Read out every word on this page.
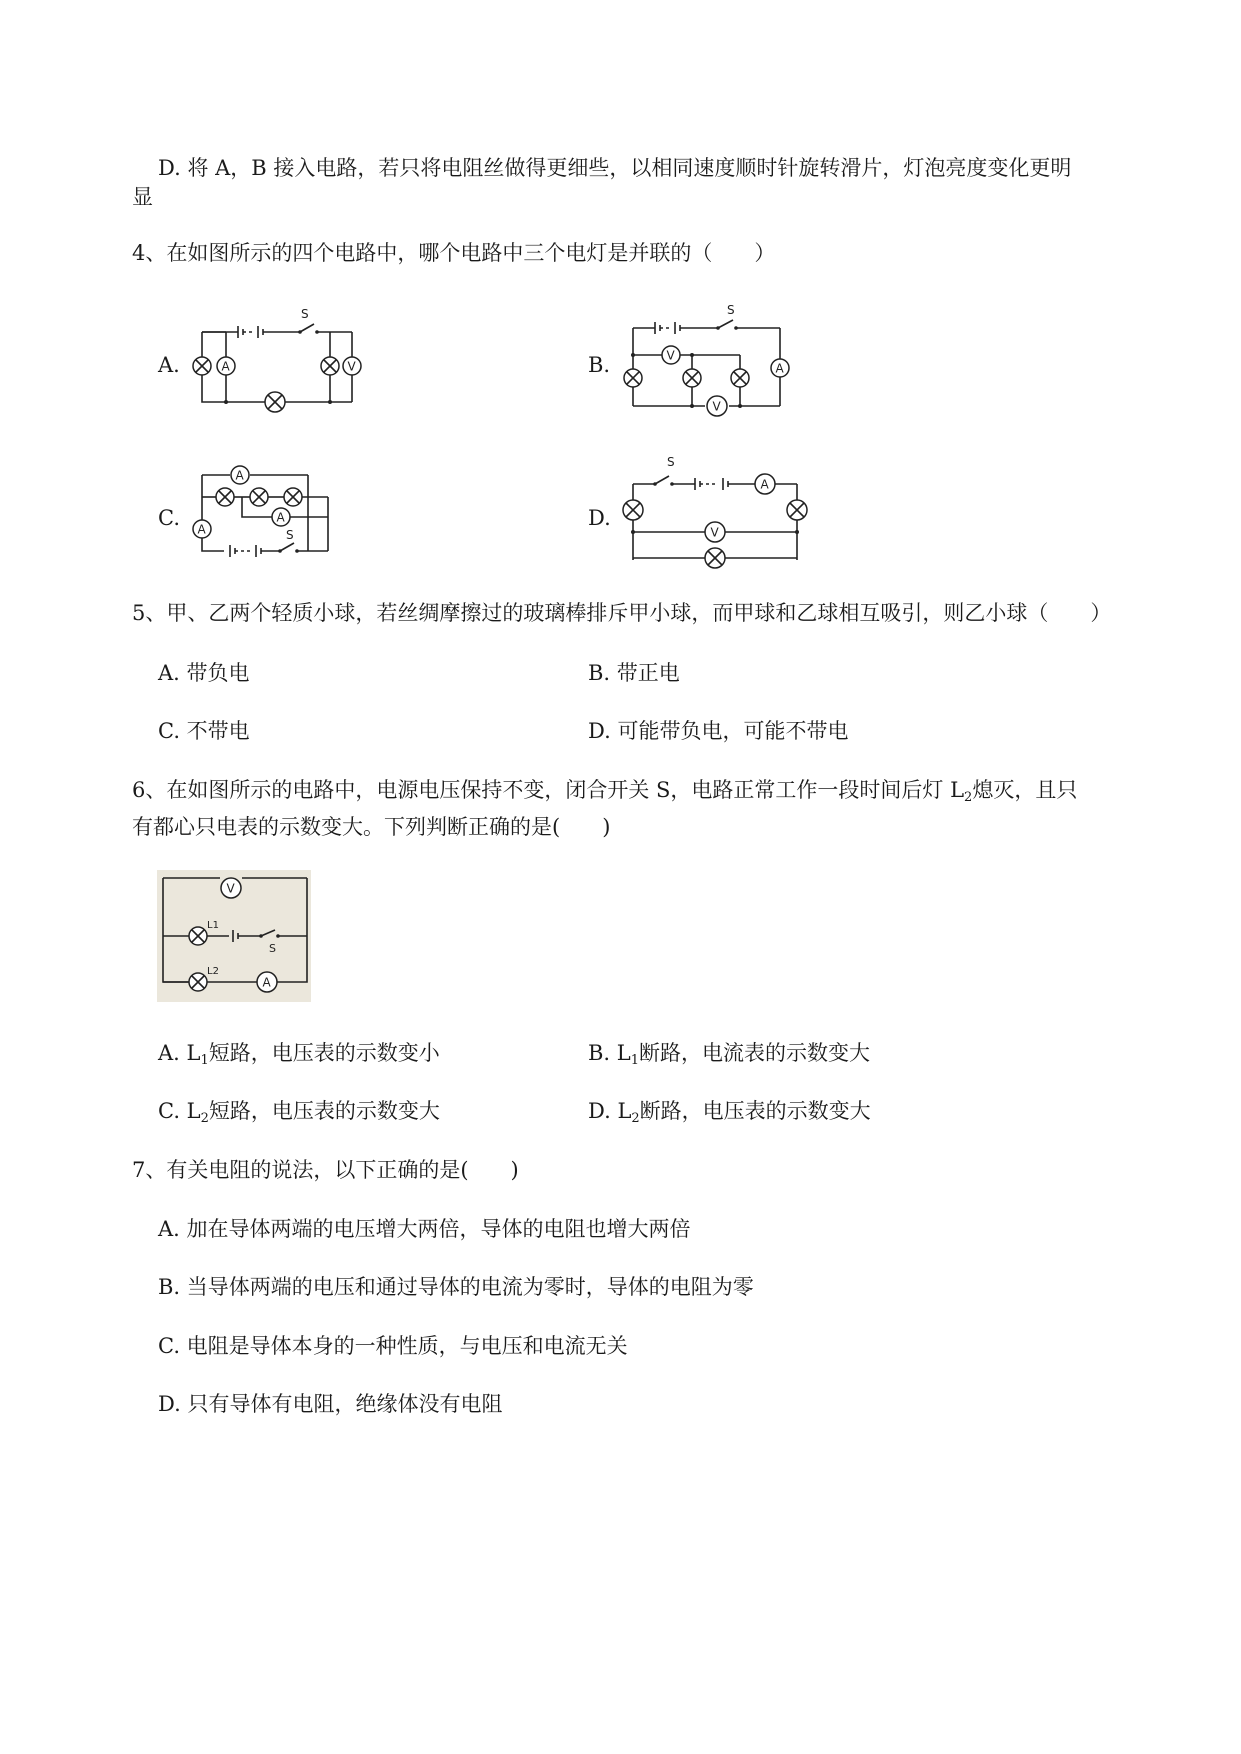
D. 将 A，B 接入电路，若只将电阻丝做得更细些，以相同速度顺时针旋转滑片，灯泡亮度变化更明
显
4、在如图所示的四个电路中，哪个电路中三个电灯是并联的（　　）
A.
S
A	V	B.
S
V
A
V
C.
A
A
A	S
D.
S
A
V
5、甲、乙两个轻质小球，若丝绸摩擦过的玻璃棒排斥甲小球，而甲球和乙球相互吸引，则乙小球（　　）
A. 带负电	B. 带正电
C. 不带电	D. 可能带负电，可能不带电
6、在如图所示的电路中，电源电压保持不变，闭合开关 S，电路正常工作一段时间后灯 $L_2$熄灭，且只
有都心只电表的示数变大。下列判断正确的是(　　)
V
L1
S
L2
A
A. $L_1$短路，电压表的示数变小	B. $L_1$断路，电流表的示数变大
C. $L_2$短路，电压表的示数变大	D. $L_2$断路，电压表的示数变大
7、有关电阻的说法，以下正确的是(　　)
A. 加在导体两端的电压增大两倍，导体的电阻也增大两倍
B. 当导体两端的电压和通过导体的电流为零时，导体的电阻为零
C. 电阻是导体本身的一种性质，与电压和电流无关
D. 只有导体有电阻，绝缘体没有电阻
